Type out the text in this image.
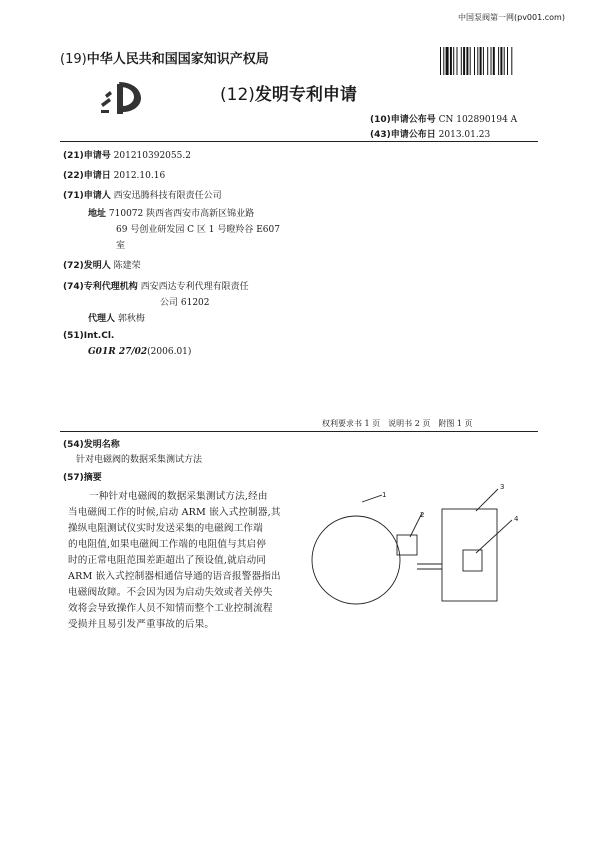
中国泵阀第一网(pv001.com)
(19)中华人民共和国国家知识产权局
(12)发明专利申请
(10)申请公布号 CN 102890194 A
(43)申请公布日 2013.01.23
(21)申请号 201210392055.2
(22)申请日 2012.10.16
(71)申请人 西安迅腾科技有限责任公司
地址 710072 陕西省西安市高新区锦业路
69 号创业研发园 C 区 1 号瞪羚谷 E607
室
(72)发明人 陈建荣
(74)专利代理机构 西安西达专利代理有限责任
公司 61202
代理人 郭秋梅
(51)Int.Cl.
G01R 27/02(2006.01)
权利要求书 1 页　说明书 2 页　附图 1 页
(54)发明名称
针对电磁阀的数据采集测试方法
(57)摘要
一种针对电磁阀的数据采集测试方法,经由
当电磁阀工作的时候,启动 ARM 嵌入式控制器,其
操纵电阻测试仪实时发送采集的电磁阀工作端
的电阻值,如果电磁阀工作端的电阻值与其启停
时的正常电阻范围差距超出了预设值,就启动同
ARM 嵌入式控制器相通信导通的语音报警器指出
电磁阀故障。不会因为因为启动失效或者关停失
效将会导致操作人员不知情而整个工业控制流程
受损并且易引发严重事故的后果。
1
2
3
4
